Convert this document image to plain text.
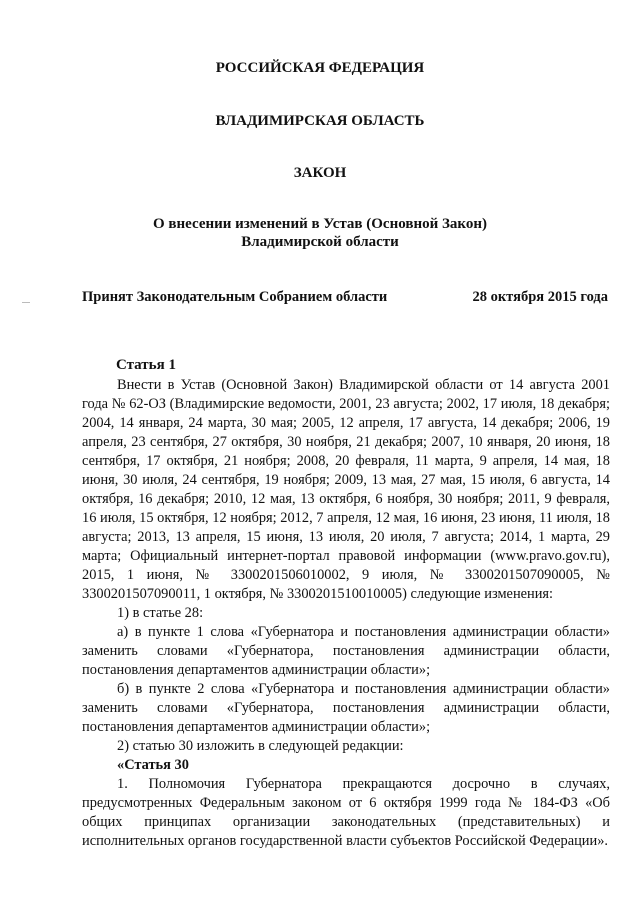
РОССИЙСКАЯ ФЕДЕРАЦИЯ
ВЛАДИМИРСКАЯ ОБЛАСТЬ
ЗАКОН
О внесении изменений в Устав (Основной Закон)
Владимирской области
Принят Законодательным Собранием области	28 октября 2015 года
Статья 1

Внести в Устав (Основной Закон) Владимирской области от 14 августа 2001 года № 62-ОЗ (Владимирские ведомости, 2001, 23 августа; 2002, 17 июля, 18 декабря; 2004, 14 января, 24 марта, 30 мая; 2005, 12 апреля, 17 августа, 14 декабря; 2006, 19 апреля, 23 сентября, 27 октября, 30 ноября, 21 декабря; 2007, 10 января, 20 июня, 18 сентября, 17 октября, 21 ноября; 2008, 20 февраля, 11 марта, 9 апреля, 14 мая, 18 июня, 30 июля, 24 сентября, 19 ноября; 2009, 13 мая, 27 мая, 15 июля, 6 августа, 14 октября, 16 декабря; 2010, 12 мая, 13 октября, 6 ноября, 30 ноября; 2011, 9 февраля, 16 июля, 15 октября, 12 ноября; 2012, 7 апреля, 12 мая, 16 июня, 23 июня, 11 июля, 18 августа; 2013, 13 апреля, 15 июня, 13 июля, 20 июля, 7 августа; 2014, 1 марта, 29 марта; Официальный интернет-портал правовой информации (www.pravo.gov.ru), 2015, 1 июня, № 3300201506010002, 9 июля, № 3300201507090005, № 3300201507090011, 1 октября, № 3300201510010005) следующие изменения:

1) в статье 28:

а) в пункте 1 слова «Губернатора и постановления администрации области» заменить словами «Губернатора, постановления администрации области, постановления департаментов администрации области»;

б) в пункте 2 слова «Губернатора и постановления администрации области» заменить словами «Губернатора, постановления администрации области, постановления департаментов администрации области»;

2) статью 30 изложить в следующей редакции:

«Статья 30

1. Полномочия Губернатора прекращаются досрочно в случаях, предусмотренных Федеральным законом от 6 октября 1999 года № 184-ФЗ «Об общих принципах организации законодательных (представительных) и исполнительных органов государственной власти субъектов Российской Федерации».
